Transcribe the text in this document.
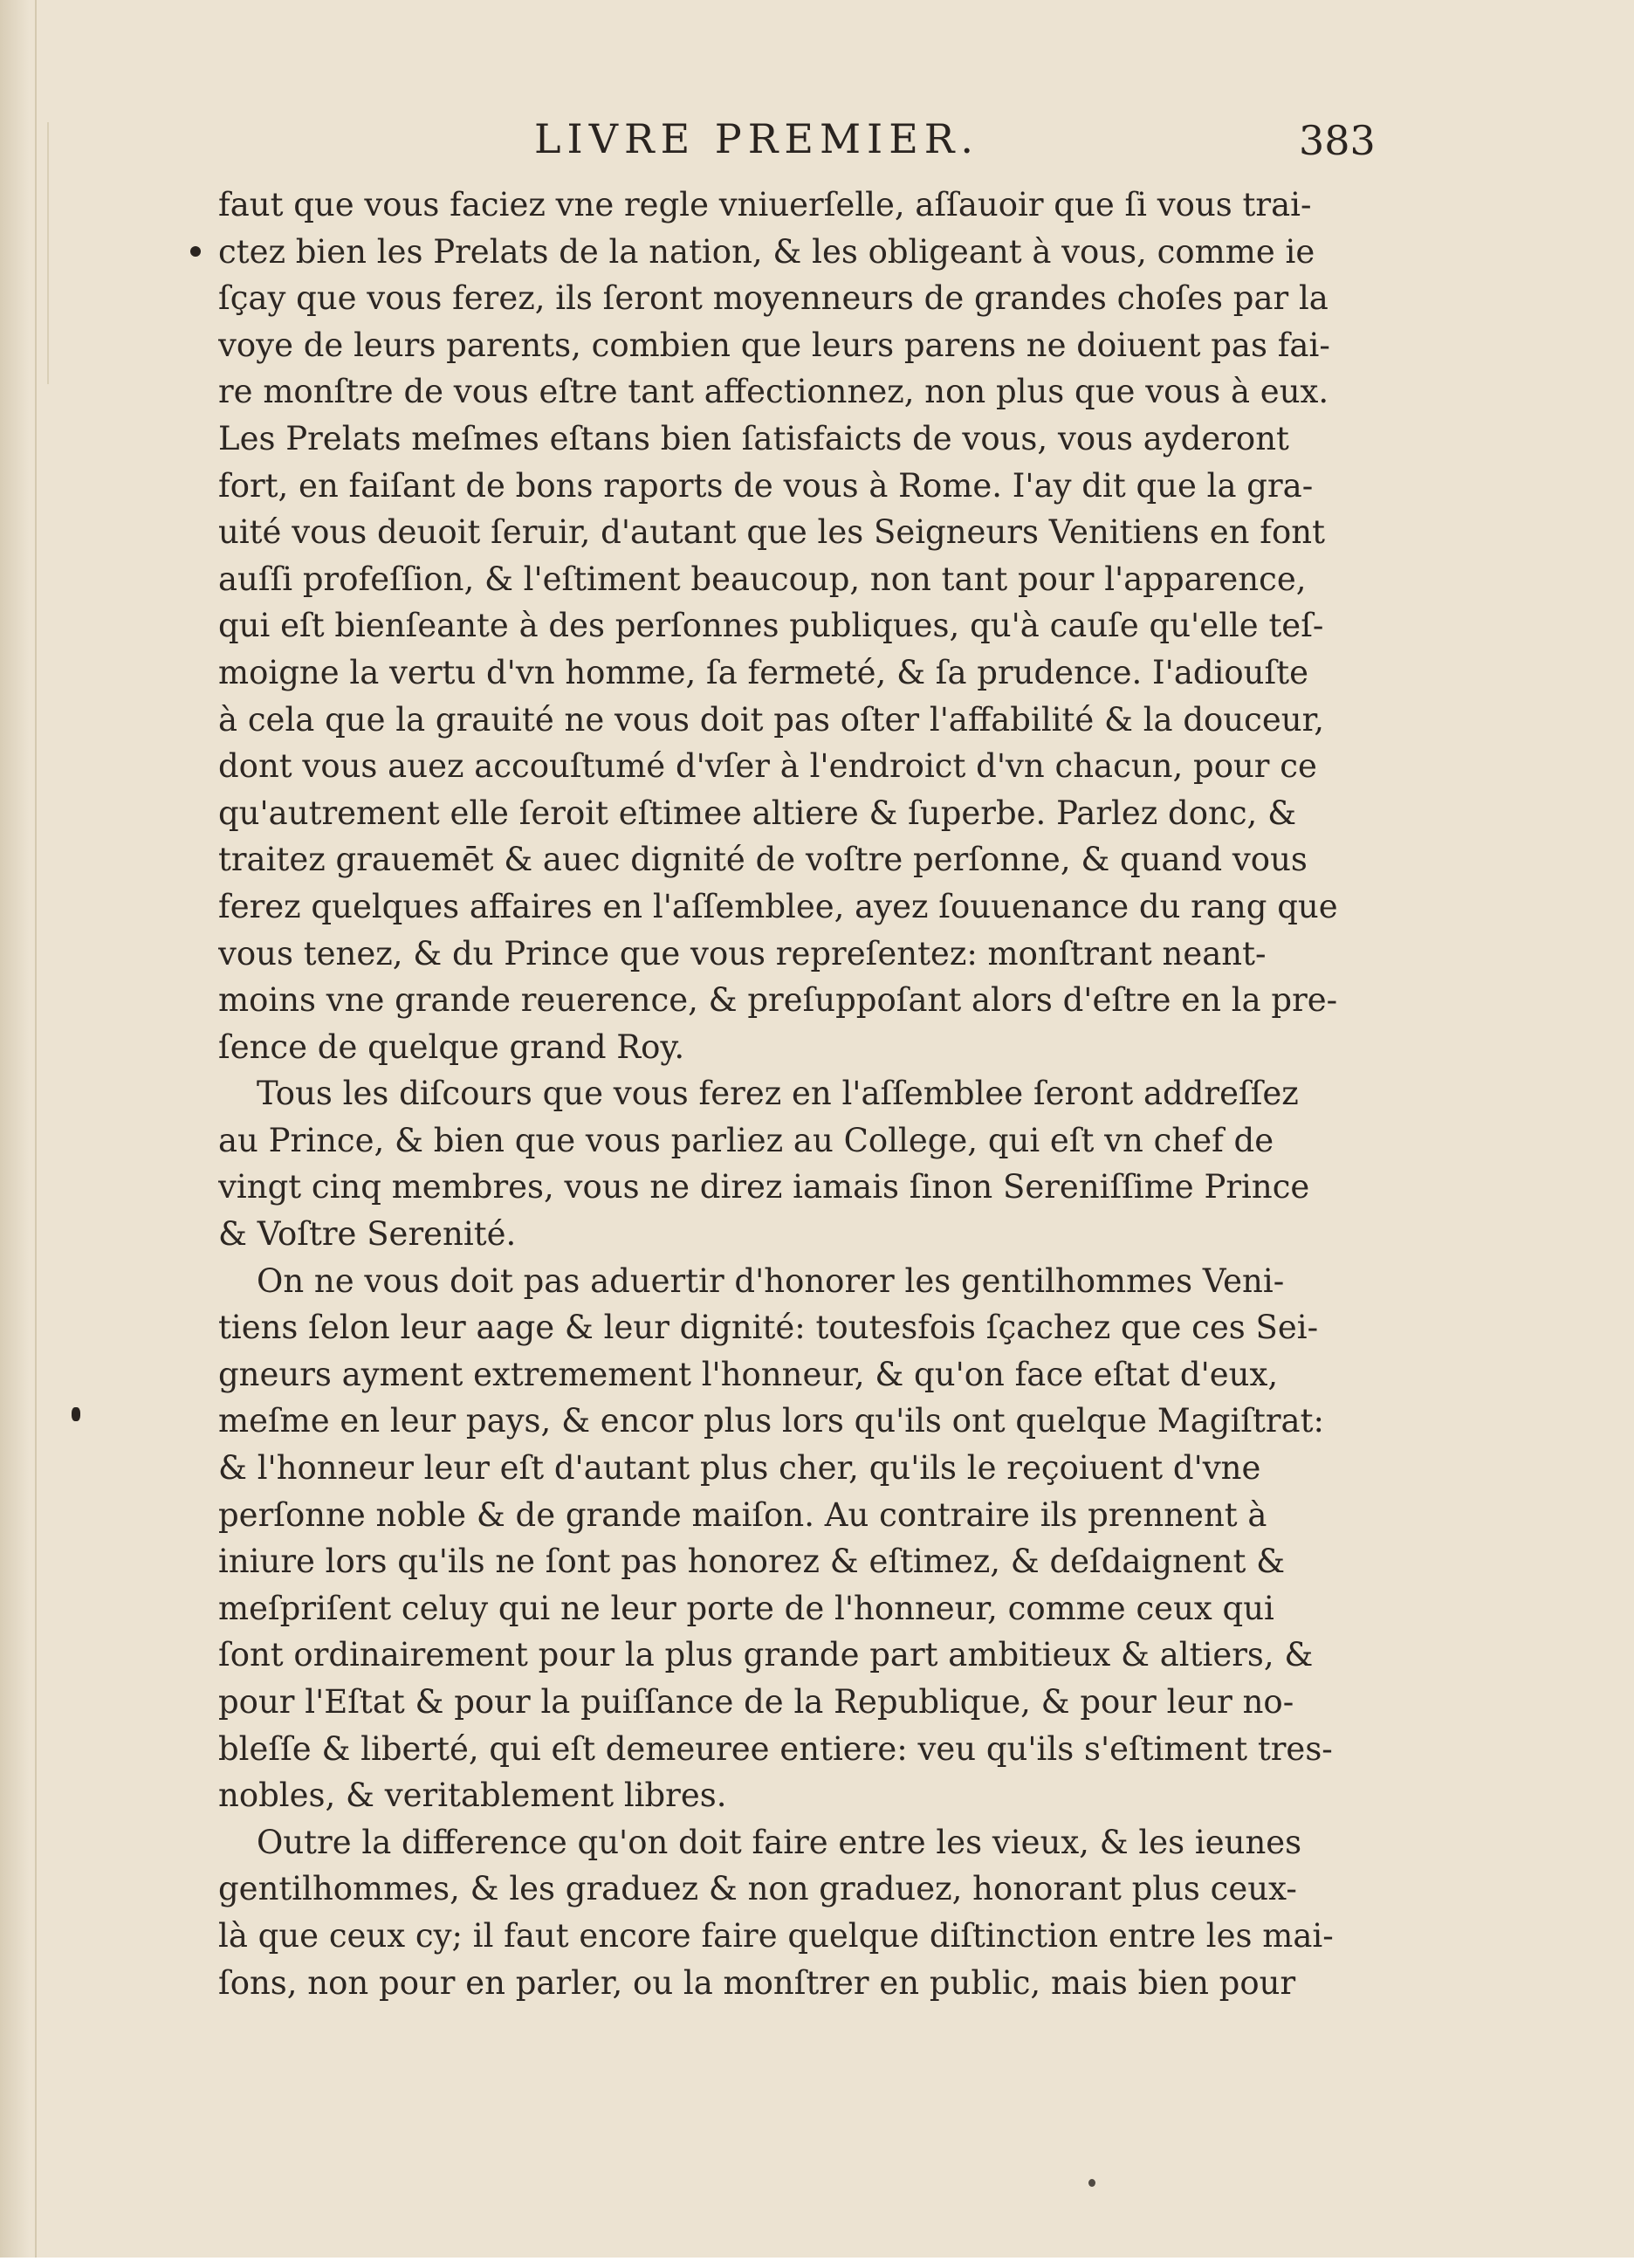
LIVRE PREMIER.	383
faut que vous faciez vne regle vniuerſelle, aſſauoir que ſi vous trai-
ctez bien les Prelats de la nation, & les obligeant à vous, comme ie
ſçay que vous ferez, ils ſeront moyenneurs de grandes choſes par la
voye de leurs parents, combien que leurs parens ne doiuent pas fai-
re monſtre de vous eſtre tant affectionnez, non plus que vous à eux.
Les Prelats meſmes eſtans bien ſatisfaicts de vous, vous ayderont
fort, en faiſant de bons raports de vous à Rome. I'ay dit que la gra-
uité vous deuoit ſeruir, d'autant que les Seigneurs Venitiens en font
auſſi profeſſion, & l'eſtiment beaucoup, non tant pour l'apparence,
qui eſt bienſeante à des perſonnes publiques, qu'à cauſe qu'elle teſ-
moigne la vertu d'vn homme, ſa fermeté, & ſa prudence. I'adiouſte
à cela que la grauité ne vous doit pas oſter l'affabilité & la douceur,
dont vous auez accouſtumé d'vſer à l'endroict d'vn chacun, pour ce
qu'autrement elle ſeroit eſtimee altiere & ſuperbe. Parlez donc, &
traitez grauemēt & auec dignité de voſtre perſonne, & quand vous
ferez quelques affaires en l'aſſemblee, ayez ſouuenance du rang que
vous tenez, & du Prince que vous repreſentez: monſtrant neant-
moins vne grande reuerence, & preſuppoſant alors d'eſtre en la pre-
ſence de quelque grand Roy.
Tous les diſcours que vous ferez en l'aſſemblee ſeront addreſſez
au Prince, & bien que vous parliez au College, qui eſt vn chef de
vingt cinq membres, vous ne direz iamais ſinon Sereniſſime Prince
& Voſtre Serenité.
On ne vous doit pas aduertir d'honorer les gentilhommes Veni-
tiens ſelon leur aage & leur dignité: toutesfois ſçachez que ces Sei-
gneurs ayment extremement l'honneur, & qu'on face eſtat d'eux,
meſme en leur pays, & encor plus lors qu'ils ont quelque Magiſtrat:
& l'honneur leur eſt d'autant plus cher, qu'ils le reçoiuent d'vne
perſonne noble & de grande maiſon. Au contraire ils prennent à
iniure lors qu'ils ne ſont pas honorez & eſtimez, & deſdaignent &
meſpriſent celuy qui ne leur porte de l'honneur, comme ceux qui
ſont ordinairement pour la plus grande part ambitieux & altiers, &
pour l'Eſtat & pour la puiſſance de la Republique, & pour leur no-
bleſſe & liberté, qui eſt demeuree entiere: veu qu'ils s'eſtiment tres-
nobles, & veritablement libres.
Outre la difference qu'on doit faire entre les vieux, & les ieunes
gentilhommes, & les graduez & non graduez, honorant plus ceux-
là que ceux cy; il faut encore faire quelque diſtinction entre les mai-
ſons, non pour en parler, ou la monſtrer en public, mais bien pour
